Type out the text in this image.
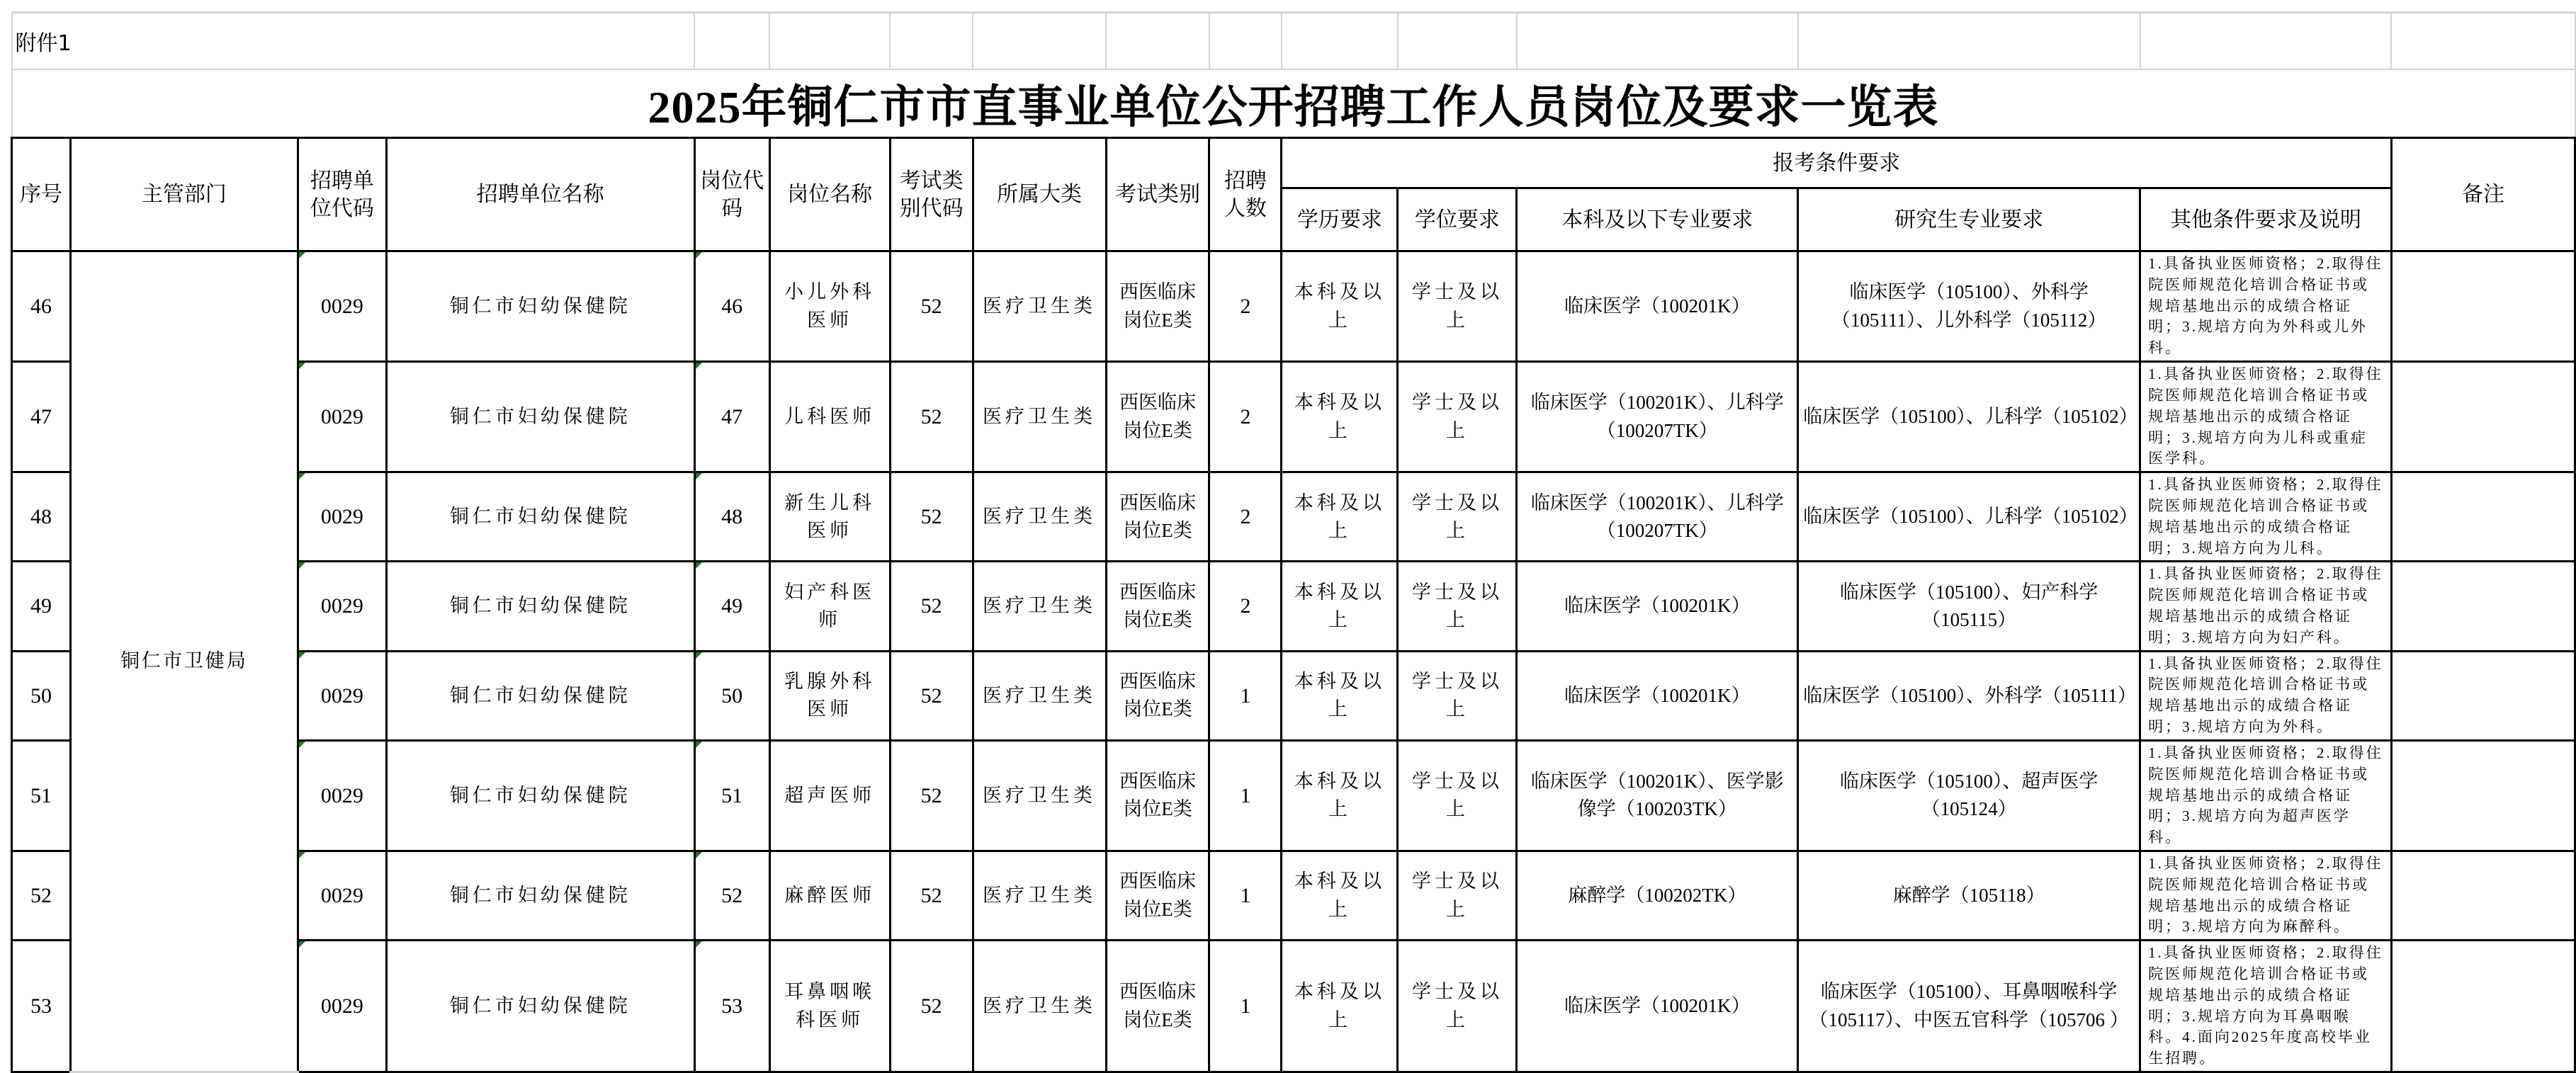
附件1															
2025年铜仁市市直事业单位公开招聘工作人员岗位及要求一览表															
序号	主管部门	招聘单位代码	招聘单位名称	岗位代码	岗位名称	考试类别代码	所属大类	考试类别	招聘人数	报考条件要求					备注
										学历要求	学位要求	本科及以下专业要求	研究生专业要求	其他条件要求及说明	
46	铜仁市卫健局	0029	铜仁市妇幼保健院	46	小儿外科医师	52	医疗卫生类	西医临床岗位E类	2	本科及以上	学士及以上	临床医学（100201K）	临床医学（105100）、外科学（105111）、儿外科学（105112）	1.具备执业医师资格；2.取得住院医师规范化培训合格证书或规培基地出示的成绩合格证明；3.规培方向为外科或儿外科。	
47		0029	铜仁市妇幼保健院	47	儿科医师	52	医疗卫生类	西医临床岗位E类	2	本科及以上	学士及以上	临床医学（100201K）、儿科学（100207TK）	临床医学（105100）、儿科学（105102）	1.具备执业医师资格；2.取得住院医师规范化培训合格证书或规培基地出示的成绩合格证明；3.规培方向为儿科或重症医学科。	
48		0029	铜仁市妇幼保健院	48	新生儿科医师	52	医疗卫生类	西医临床岗位E类	2	本科及以上	学士及以上	临床医学（100201K）、儿科学（100207TK）	临床医学（105100）、儿科学（105102）	1.具备执业医师资格；2.取得住院医师规范化培训合格证书或规培基地出示的成绩合格证明；3.规培方向为儿科。	
49		0029	铜仁市妇幼保健院	49	妇产科医师	52	医疗卫生类	西医临床岗位E类	2	本科及以上	学士及以上	临床医学（100201K）	临床医学（105100）、妇产科学（105115）	1.具备执业医师资格；2.取得住院医师规范化培训合格证书或规培基地出示的成绩合格证明；3.规培方向为妇产科。	
50		0029	铜仁市妇幼保健院	50	乳腺外科医师	52	医疗卫生类	西医临床岗位E类	1	本科及以上	学士及以上	临床医学（100201K）	临床医学（105100）、外科学（105111）	1.具备执业医师资格；2.取得住院医师规范化培训合格证书或规培基地出示的成绩合格证明；3.规培方向为外科。	
51		0029	铜仁市妇幼保健院	51	超声医师	52	医疗卫生类	西医临床岗位E类	1	本科及以上	学士及以上	临床医学（100201K）、医学影像学（100203TK）	临床医学（105100）、超声医学（105124）	1.具备执业医师资格；2.取得住院医师规范化培训合格证书或规培基地出示的成绩合格证明；3.规培方向为超声医学科。	
52		0029	铜仁市妇幼保健院	52	麻醉医师	52	医疗卫生类	西医临床岗位E类	1	本科及以上	学士及以上	麻醉学（100202TK）	麻醉学（105118）	1.具备执业医师资格；2.取得住院医师规范化培训合格证书或规培基地出示的成绩合格证明；3.规培方向为麻醉科。	
53		0029	铜仁市妇幼保健院	53	耳鼻咽喉科医师	52	医疗卫生类	西医临床岗位E类	1	本科及以上	学士及以上	临床医学（100201K）	临床医学（105100）、耳鼻咽喉科学（105117）、中医五官科学（105706 ）	1.具备执业医师资格；2.取得住院医师规范化培训合格证书或规培基地出示的成绩合格证明；3.规培方向为耳鼻咽喉科。4.面向2025年度高校毕业生招聘。	
